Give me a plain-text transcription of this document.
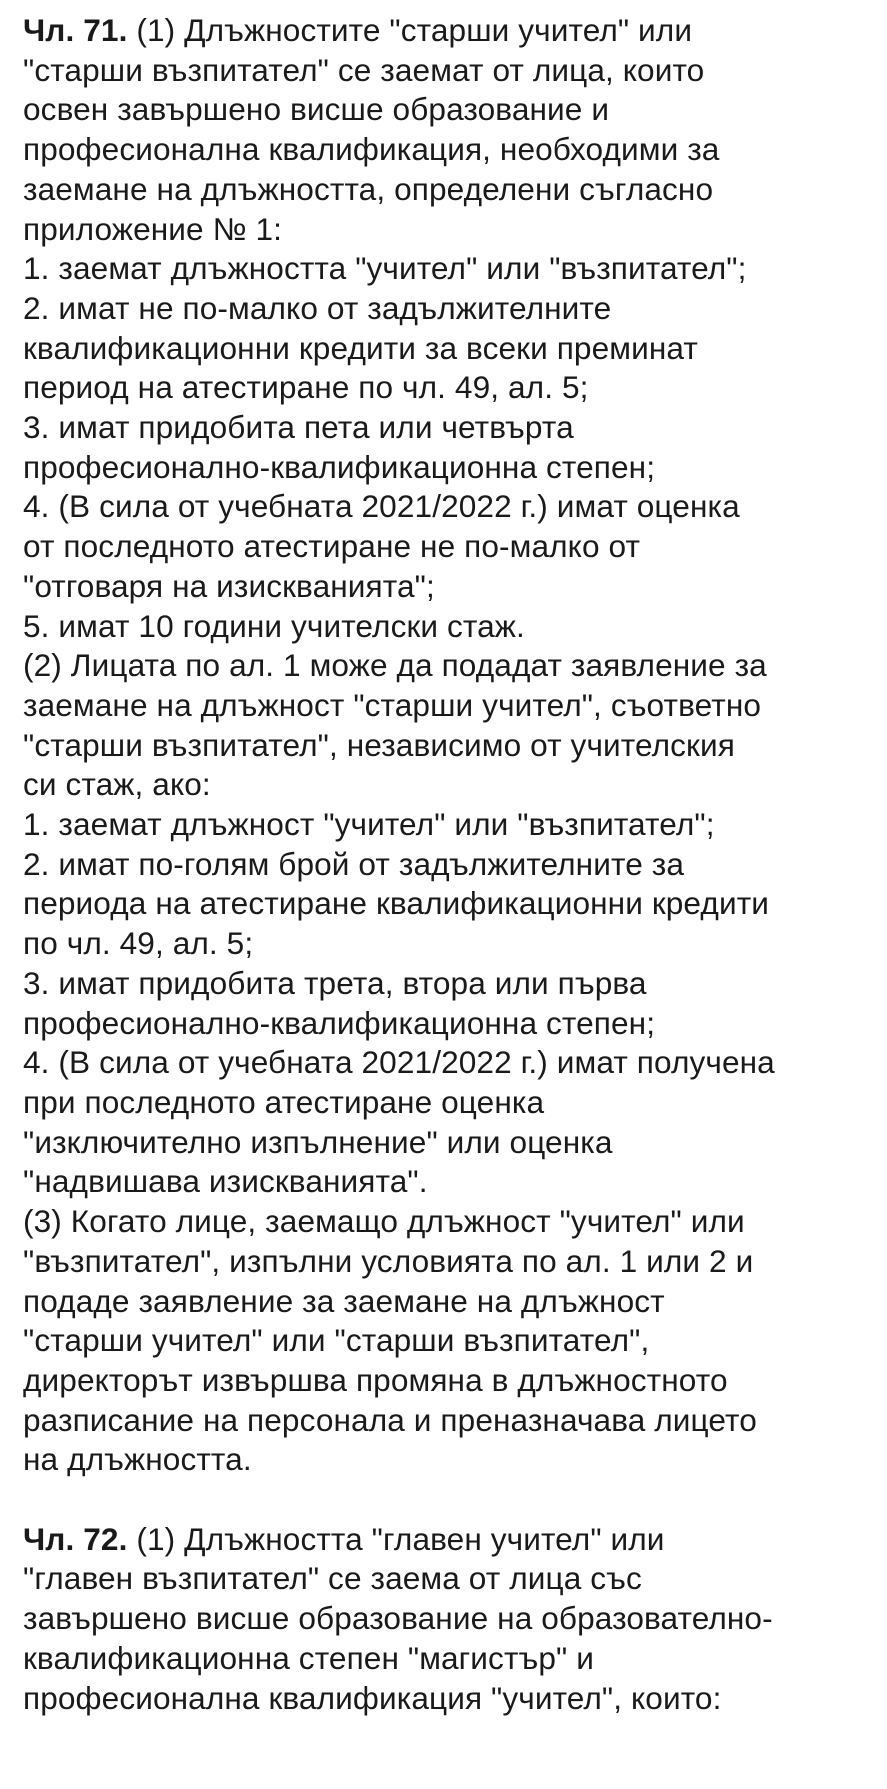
Чл. 71. (1) Длъжностите "старши учител" или
"старши възпитател" се заемат от лица, които
освен завършено висше образование и
професионална квалификация, необходими за
заемане на длъжността, определени съгласно
приложение № 1:
1. заемат длъжността "учител" или "възпитател";
2. имат не по-малко от задължителните
квалификационни кредити за всеки преминат
период на атестиране по чл. 49, ал. 5;
3. имат придобита пета или четвърта
професионално-квалификационна степен;
4. (В сила от учебната 2021/2022 г.) имат оценка
от последното атестиране не по-малко от
"отговаря на изискванията";
5. имат 10 години учителски стаж.
(2) Лицата по ал. 1 може да подадат заявление за
заемане на длъжност "старши учител", съответно
"старши възпитател", независимо от учителския
си стаж, ако:
1. заемат длъжност "учител" или "възпитател";
2. имат по-голям брой от задължителните за
периода на атестиране квалификационни кредити
по чл. 49, ал. 5;
3. имат придобита трета, втора или първа
професионално-квалификационна степен;
4. (В сила от учебната 2021/2022 г.) имат получена
при последното атестиране оценка
"изключително изпълнение" или оценка
"надвишава изискванията".
(3) Когато лице, заемащо длъжност "учител" или
"възпитател", изпълни условията по ал. 1 или 2 и
подаде заявление за заемане на длъжност
"старши учител" или "старши възпитател",
директорът извършва промяна в длъжностното
разписание на персонала и преназначава лицето
на длъжността.
Чл. 72. (1) Длъжността "главен учител" или
"главен възпитател" се заема от лица със
завършено висше образование на образователно-
квалификационна степен "магистър" и
професионална квалификация "учител", които:
